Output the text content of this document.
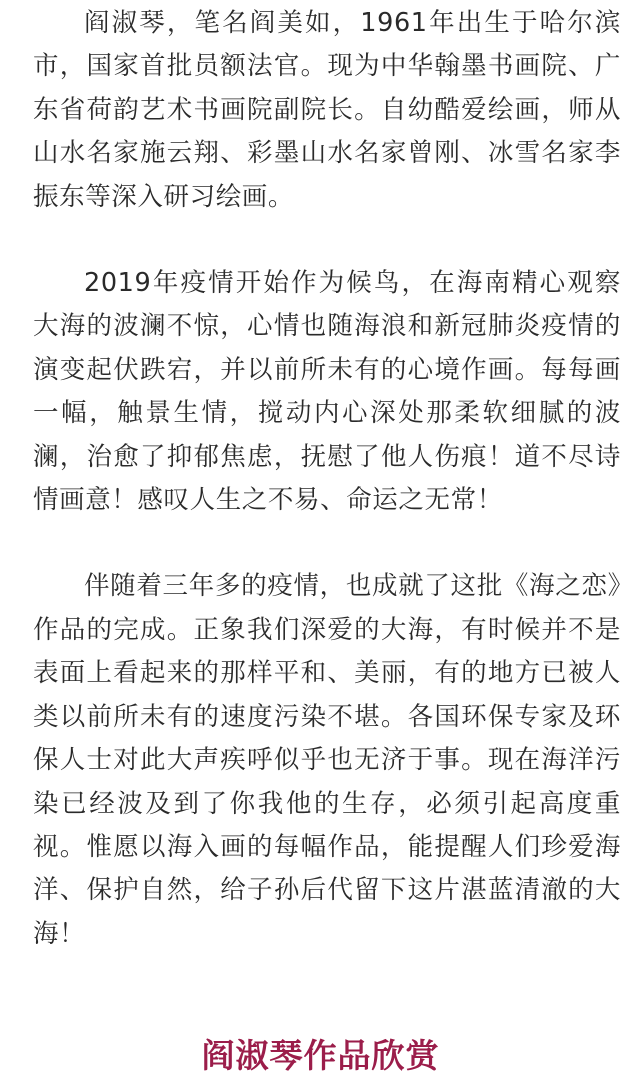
阎淑琴，笔名阎美如，1961年出生于哈尔滨市，国家首批员额法官。现为中华翰墨书画院、广东省荷韵艺术书画院副院长。自幼酷爱绘画，师从山水名家施云翔、彩墨山水名家曾刚、冰雪名家李振东等深入研习绘画。

2019年疫情开始作为候鸟，在海南精心观察大海的波澜不惊，心情也随海浪和新冠肺炎疫情的演变起伏跌宕，并以前所未有的心境作画。每每画一幅，触景生情，搅动内心深处那柔软细腻的波澜，治愈了抑郁焦虑，抚慰了他人伤痕！道不尽诗情画意！感叹人生之不易、命运之无常！

伴随着三年多的疫情，也成就了这批《海之恋》作品的完成。正象我们深爱的大海，有时候并不是表面上看起来的那样平和、美丽，有的地方已被人类以前所未有的速度污染不堪。各国环保专家及环保人士对此大声疾呼似乎也无济于事。现在海洋污染已经波及到了你我他的生存，必须引起高度重视。惟愿以海入画的每幅作品，能提醒人们珍爱海洋、保护自然，给子孙后代留下这片湛蓝清澈的大海！

阎淑琴作品欣赏
